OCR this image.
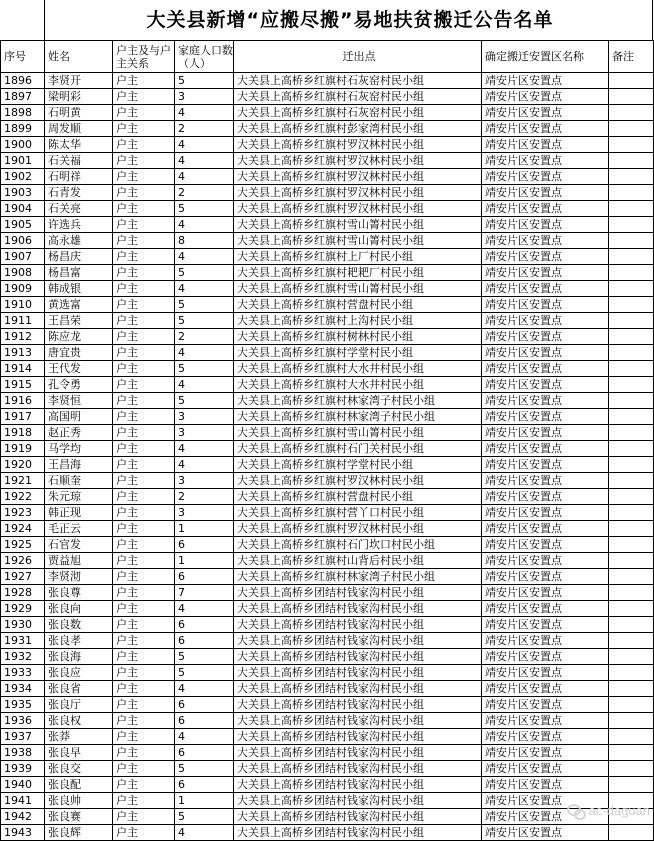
大关县新增“应搬尽搬”易地扶贫搬迁公告名单
序号	姓名	户主及与户主关系	家庭人口数（人）	迁出点	确定搬迁安置区名称	备注
1896	李贤开	户主	5	大关县上高桥乡红旗村石灰窑村民小组	靖安片区安置点	
1897	梁明彩	户主	3	大关县上高桥乡红旗村石灰窑村民小组	靖安片区安置点	
1898	石明黄	户主	4	大关县上高桥乡红旗村石灰窑村民小组	靖安片区安置点	
1899	周发顺	户主	2	大关县上高桥乡红旗村彭家湾村民小组	靖安片区安置点	
1900	陈太华	户主	4	大关县上高桥乡红旗村罗汉林村民小组	靖安片区安置点	
1901	石关福	户主	4	大关县上高桥乡红旗村罗汉林村民小组	靖安片区安置点	
1902	石明祥	户主	4	大关县上高桥乡红旗村罗汉林村民小组	靖安片区安置点	
1903	石青发	户主	2	大关县上高桥乡红旗村罗汉林村民小组	靖安片区安置点	
1904	石关亮	户主	5	大关县上高桥乡红旗村罗汉林村民小组	靖安片区安置点	
1905	许选兵	户主	4	大关县上高桥乡红旗村雪山箐村民小组	靖安片区安置点	
1906	高永雄	户主	8	大关县上高桥乡红旗村雪山箐村民小组	靖安片区安置点	
1907	杨昌庆	户主	4	大关县上高桥乡红旗村上厂村民小组	靖安片区安置点	
1908	杨昌富	户主	5	大关县上高桥乡红旗村耙耙厂村民小组	靖安片区安置点	
1909	韩成银	户主	4	大关县上高桥乡红旗村雪山箐村民小组	靖安片区安置点	
1910	黄选富	户主	5	大关县上高桥乡红旗村营盘村民小组	靖安片区安置点	
1911	王昌荣	户主	5	大关县上高桥乡红旗村上沟村民小组	靖安片区安置点	
1912	陈应龙	户主	2	大关县上高桥乡红旗村树林村民小组	靖安片区安置点	
1913	唐宜贵	户主	4	大关县上高桥乡红旗村学堂村民小组	靖安片区安置点	
1914	王代发	户主	5	大关县上高桥乡红旗村大水井村民小组	靖安片区安置点	
1915	孔令勇	户主	4	大关县上高桥乡红旗村大水井村民小组	靖安片区安置点	
1916	李贤恒	户主	5	大关县上高桥乡红旗村林家湾子村民小组	靖安片区安置点	
1917	高国明	户主	3	大关县上高桥乡红旗村林家湾子村民小组	靖安片区安置点	
1918	赵正秀	户主	3	大关县上高桥乡红旗村雪山箐村民小组	靖安片区安置点	
1919	马学均	户主	4	大关县上高桥乡红旗村石门关村民小组	靖安片区安置点	
1920	王昌海	户主	4	大关县上高桥乡红旗村学堂村民小组	靖安片区安置点	
1921	石顺奎	户主	3	大关县上高桥乡红旗村罗汉林村民小组	靖安片区安置点	
1922	朱元琼	户主	2	大关县上高桥乡红旗村营盘村民小组	靖安片区安置点	
1923	韩正现	户主	3	大关县上高桥乡红旗村营丫口村民小组	靖安片区安置点	
1924	毛正云	户主	1	大关县上高桥乡红旗村罗汉林村民小组	靖安片区安置点	
1925	石官发	户主	6	大关县上高桥乡红旗村石门坎口村民小组	靖安片区安置点	
1926	贾益旭	户主	1	大关县上高桥乡红旗村山背后村民小组	靖安片区安置点	
1927	李贤沏	户主	6	大关县上高桥乡红旗村林家湾子村民小组	靖安片区安置点	
1928	张良尊	户主	7	大关县上高桥乡团结村钱家沟村民小组	靖安片区安置点	
1929	张良向	户主	4	大关县上高桥乡团结村钱家沟村民小组	靖安片区安置点	
1930	张良数	户主	6	大关县上高桥乡团结村钱家沟村民小组	靖安片区安置点	
1931	张良孝	户主	6	大关县上高桥乡团结村钱家沟村民小组	靖安片区安置点	
1932	张良海	户主	5	大关县上高桥乡团结村钱家沟村民小组	靖安片区安置点	
1933	张良应	户主	5	大关县上高桥乡团结村钱家沟村民小组	靖安片区安置点	
1934	张良省	户主	4	大关县上高桥乡团结村钱家沟村民小组	靖安片区安置点	
1935	张良厅	户主	6	大关县上高桥乡团结村钱家沟村民小组	靖安片区安置点	
1936	张良权	户主	6	大关县上高桥乡团结村钱家沟村民小组	靖安片区安置点	
1937	张莽	户主	4	大关县上高桥乡团结村钱家沟村民小组	靖安片区安置点	
1938	张良早	户主	6	大关县上高桥乡团结村钱家沟村民小组	靖安片区安置点	
1939	张良交	户主	5	大关县上高桥乡团结村钱家沟村民小组	靖安片区安置点	
1940	张良配	户主	6	大关县上高桥乡团结村钱家沟村民小组	靖安片区安置点	
1941	张良帅	户主	1	大关县上高桥乡团结村钱家沟村民小组	靖安片区安置点	
1942	张良赛	户主	5	大关县上高桥乡团结村钱家沟村民小组	靖安片区安置点	
1943	张良辉	户主	4	大关县上高桥乡团结村钱家沟村民小组	靖安片区安置点	
ac-daguan
